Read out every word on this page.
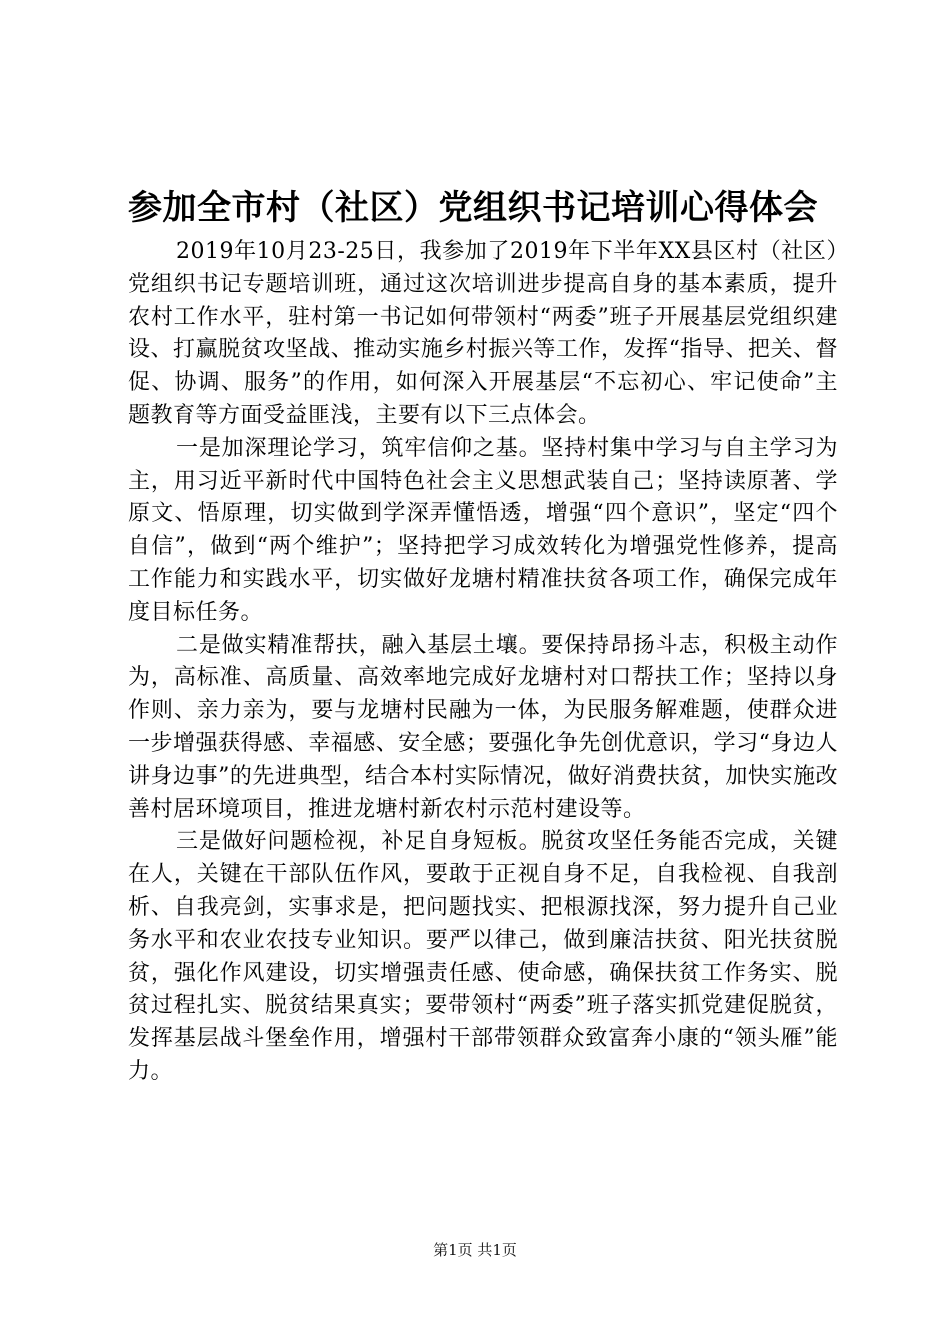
参加全市村（社区）党组织书记培训心得体会

2019年10月23-25日，我参加了2019年下半年XX县区村（社区）党组织书记专题培训班，通过这次培训进步提高自身的基本素质，提升农村工作水平，驻村第一书记如何带领村“两委”班子开展基层党组织建设、打赢脱贫攻坚战、推动实施乡村振兴等工作，发挥“指导、把关、督促、协调、服务”的作用，如何深入开展基层“不忘初心、牢记使命”主题教育等方面受益匪浅，主要有以下三点体会。

一是加深理论学习，筑牢信仰之基。坚持村集中学习与自主学习为主，用习近平新时代中国特色社会主义思想武装自己；坚持读原著、学原文、悟原理，切实做到学深弄懂悟透，增强“四个意识”，坚定“四个自信”，做到“两个维护”；坚持把学习成效转化为增强党性修养，提高工作能力和实践水平，切实做好龙塘村精准扶贫各项工作，确保完成年度目标任务。

二是做实精准帮扶，融入基层土壤。要保持昂扬斗志，积极主动作为，高标准、高质量、高效率地完成好龙塘村对口帮扶工作；坚持以身作则、亲力亲为，要与龙塘村民融为一体，为民服务解难题，使群众进一步增强获得感、幸福感、安全感；要强化争先创优意识，学习“身边人讲身边事”的先进典型，结合本村实际情况，做好消费扶贫，加快实施改善村居环境项目，推进龙塘村新农村示范村建设等。

三是做好问题检视，补足自身短板。脱贫攻坚任务能否完成，关键在人，关键在干部队伍作风，要敢于正视自身不足，自我检视、自我剖析、自我亮剑，实事求是，把问题找实、把根源找深，努力提升自己业务水平和农业农技专业知识。要严以律己，做到廉洁扶贫、阳光扶贫脱贫，强化作风建设，切实增强责任感、使命感，确保扶贫工作务实、脱贫过程扎实、脱贫结果真实；要带领村“两委”班子落实抓党建促脱贫，发挥基层战斗堡垒作用，增强村干部带领群众致富奔小康的“领头雁”能力。

第1页 共1页
